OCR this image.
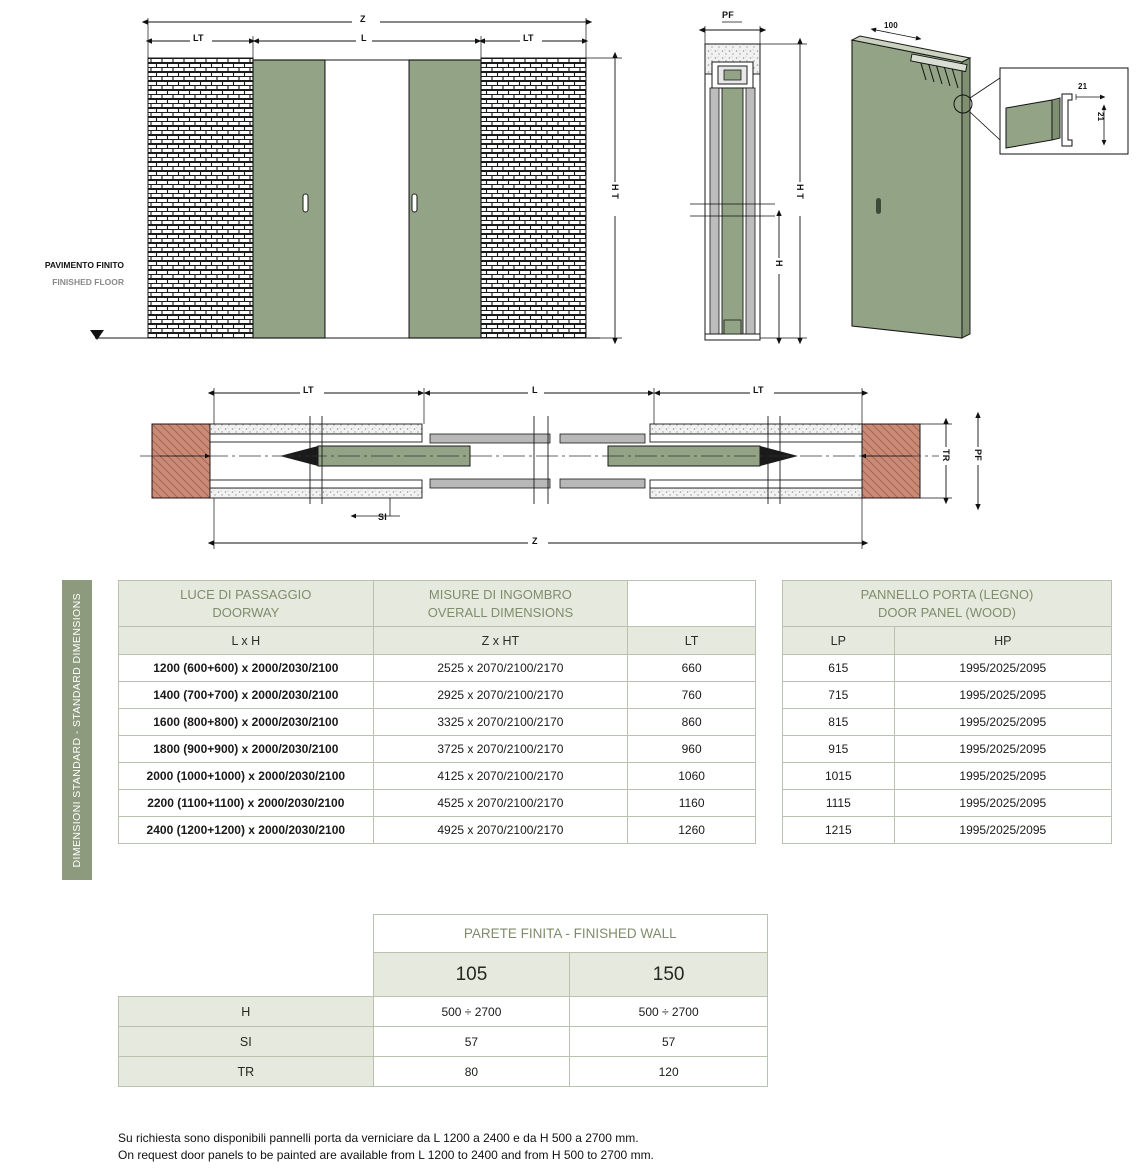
Z
LT	L	LT
H T
PF
H
H T
100
21
21
LT	L	LT
SI
Z
TR PF
PAVIMENTO FINITO
FINISHED FLOOR
DIMENSIONI STANDARD - STANDARD DIMENSIONS	LUCE DI PASSAGGIO
DOORWAY	MISURE DI INGOMBRO
OVERALL DIMENSIONS	

L x H	Z x HT	LT
1200 (600+600) x 2000/2030/2100	2525 x 2070/2100/2170	660
1400 (700+700) x 2000/2030/2100	2925 x 2070/2100/2170	760
1600 (800+800) x 2000/2030/2100	3325 x 2070/2100/2170	860
1800 (900+900) x 2000/2030/2100	3725 x 2070/2100/2170	960
2000 (1000+1000) x 2000/2030/2100	4125 x 2070/2100/2170	1060
2200 (1100+1100) x 2000/2030/2100	4525 x 2070/2100/2170	1160
2400 (1200+1200) x 2000/2030/2100	4925 x 2070/2100/2170	1260
PANNELLO PORTA (LEGNO)
DOOR PANEL (WOOD)	

LP	HP
615	1995/2025/2095
715	1995/2025/2095
815	1995/2025/2095
915	1995/2025/2095
1015	1995/2025/2095
1115	1995/2025/2095
1215	1995/2025/2095
	PARETE FINITA - FINISHED WALL	
	105	150
H	500 ÷ 2700	500 ÷ 2700
SI	57	57
TR	80	120
Su richiesta sono disponibili pannelli porta da verniciare da L 1200 a 2400 e da H 500 a 2700 mm.
On request door panels to be painted are available from L 1200 to 2400 and from H 500 to 2700 mm.
